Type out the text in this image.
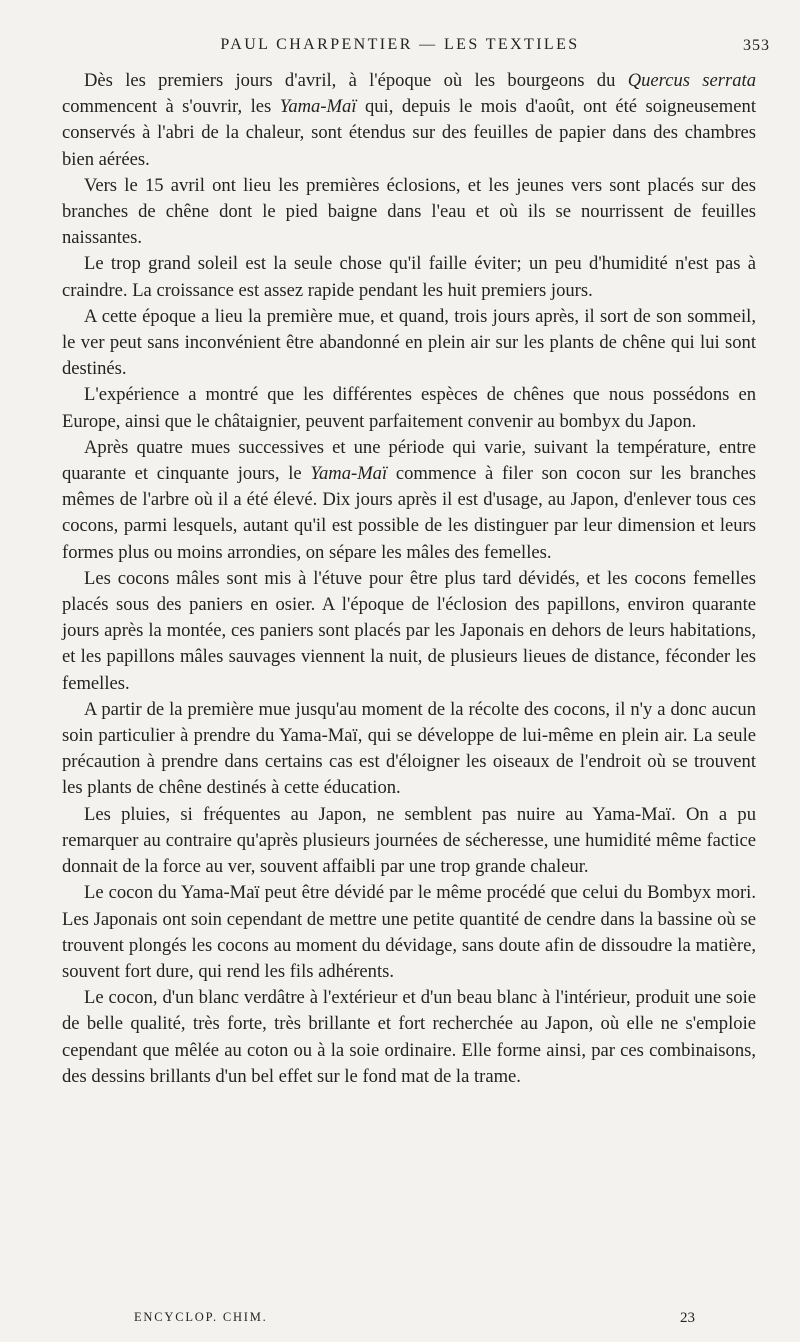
PAUL CHARPENTIER — LES TEXTILES	353

Dès les premiers jours d'avril, à l'époque où les bourgeons du Quercus serrata commencent à s'ouvrir, les Yama-Maï qui, depuis le mois d'août, ont été soigneusement conservés à l'abri de la chaleur, sont étendus sur des feuilles de papier dans des chambres bien aérées.

Vers le 15 avril ont lieu les premières éclosions, et les jeunes vers sont placés sur des branches de chêne dont le pied baigne dans l'eau et où ils se nourrissent de feuilles naissantes.

Le trop grand soleil est la seule chose qu'il faille éviter; un peu d'humidité n'est pas à craindre. La croissance est assez rapide pendant les huit premiers jours.

A cette époque a lieu la première mue, et quand, trois jours après, il sort de son sommeil, le ver peut sans inconvénient être abandonné en plein air sur les plants de chêne qui lui sont destinés.

L'expérience a montré que les différentes espèces de chênes que nous possédons en Europe, ainsi que le châtaignier, peuvent parfaitement convenir au bombyx du Japon.

Après quatre mues successives et une période qui varie, suivant la température, entre quarante et cinquante jours, le Yama-Maï commence à filer son cocon sur les branches mêmes de l'arbre où il a été élevé. Dix jours après il est d'usage, au Japon, d'enlever tous ces cocons, parmi lesquels, autant qu'il est possible de les distinguer par leur dimension et leurs formes plus ou moins arrondies, on sépare les mâles des femelles.

Les cocons mâles sont mis à l'étuve pour être plus tard dévidés, et les cocons femelles placés sous des paniers en osier. A l'époque de l'éclosion des papillons, environ quarante jours après la montée, ces paniers sont placés par les Japonais en dehors de leurs habitations, et les papillons mâles sauvages viennent la nuit, de plusieurs lieues de distance, féconder les femelles.

A partir de la première mue jusqu'au moment de la récolte des cocons, il n'y a donc aucun soin particulier à prendre du Yama-Maï, qui se développe de lui-même en plein air. La seule précaution à prendre dans certains cas est d'éloigner les oiseaux de l'endroit où se trouvent les plants de chêne destinés à cette éducation.

Les pluies, si fréquentes au Japon, ne semblent pas nuire au Yama-Maï. On a pu remarquer au contraire qu'après plusieurs journées de sécheresse, une humidité même factice donnait de la force au ver, souvent affaibli par une trop grande chaleur.

Le cocon du Yama-Maï peut être dévidé par le même procédé que celui du Bombyx mori. Les Japonais ont soin cependant de mettre une petite quantité de cendre dans la bassine où se trouvent plongés les cocons au moment du dévidage, sans doute afin de dissoudre la matière, souvent fort dure, qui rend les fils adhérents.

Le cocon, d'un blanc verdâtre à l'extérieur et d'un beau blanc à l'intérieur, produit une soie de belle qualité, très forte, très brillante et fort recherchée au Japon, où elle ne s'emploie cependant que mêlée au coton ou à la soie ordinaire. Elle forme ainsi, par ces combinaisons, des dessins brillants d'un bel effet sur le fond mat de la trame.

ENCYCLOP. CHIM.	23
